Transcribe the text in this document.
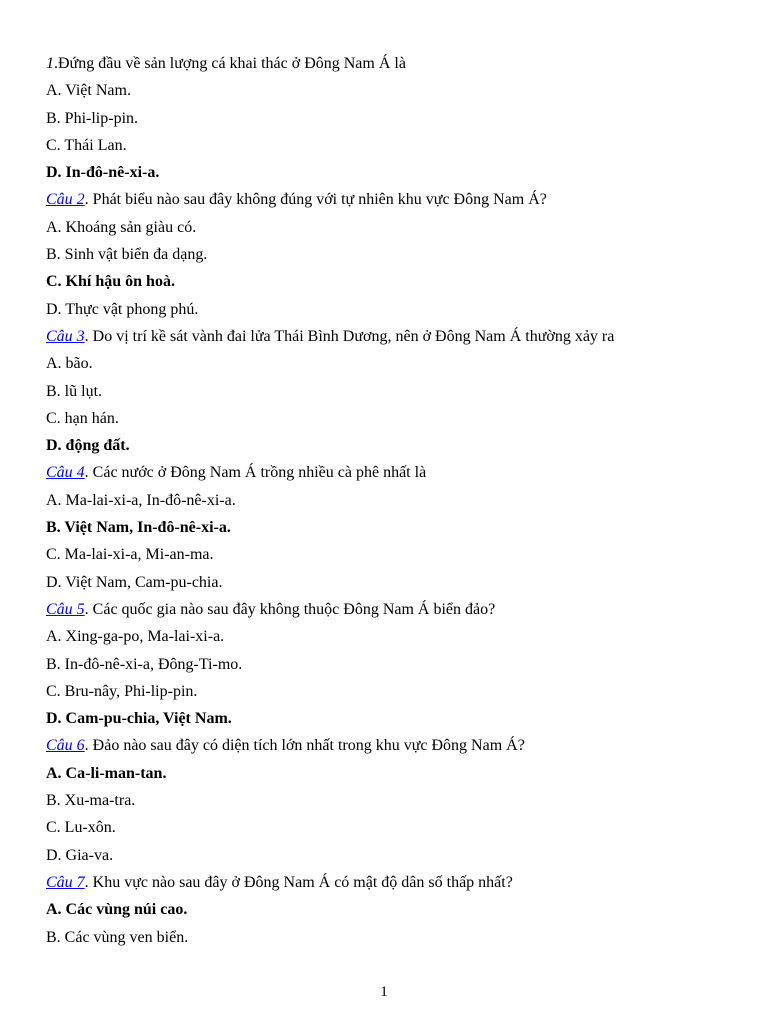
1.Đứng đầu về sản lượng cá khai thác ở Đông Nam Á là
A. Việt Nam.
B. Phi-lip-pin.
C. Thái Lan.
D. In-đô-nê-xi-a.
Câu 2. Phát biểu nào sau đây không đúng với tự nhiên khu vực Đông Nam Á?
A. Khoáng sản giàu có.
B. Sinh vật biển đa dạng.
C. Khí hậu ôn hoà.
D. Thực vật phong phú.
Câu 3. Do vị trí kề sát vành đai lửa Thái Bình Dương, nên ở Đông Nam Á thường xảy ra
A. bão.
B. lũ lụt.
C. hạn hán.
D. động đất.
Câu 4. Các nước ở Đông Nam Á trồng nhiều cà phê nhất là
A. Ma-lai-xi-a, In-đô-nê-xi-a.
B. Việt Nam, In-đô-nê-xi-a.
C. Ma-lai-xi-a, Mi-an-ma.
D. Việt Nam, Cam-pu-chia.
Câu 5. Các quốc gia nào sau đây không thuộc Đông Nam Á biển đảo?
A. Xing-ga-po, Ma-lai-xi-a.
B. In-đô-nê-xi-a, Đông-Ti-mo.
C. Bru-nây, Phi-lip-pin.
D. Cam-pu-chia, Việt Nam.
Câu 6. Đảo nào sau đây có diện tích lớn nhất trong khu vực Đông Nam Á?
A. Ca-li-man-tan.
B. Xu-ma-tra.
C. Lu-xôn.
D. Gia-va.
Câu 7. Khu vực nào sau đây ở Đông Nam Á có mật độ dân số thấp nhất?
A. Các vùng núi cao.
B. Các vùng ven biển.
1
